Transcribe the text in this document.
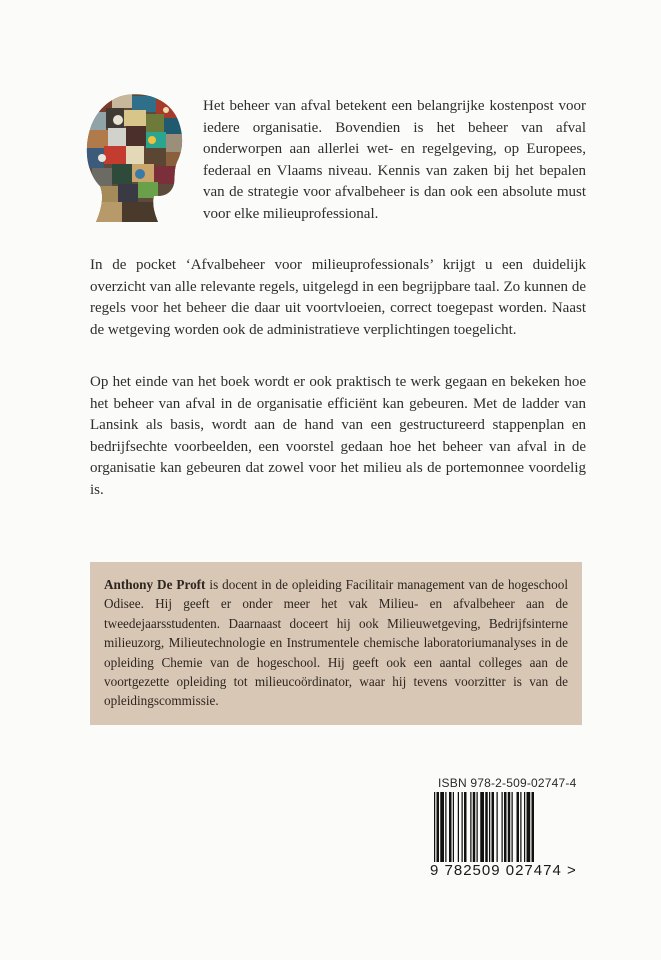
Het beheer van afval betekent een belangrijke kostenpost voor iedere organisatie. Bovendien is het beheer van afval onderworpen aan allerlei wet- en regelgeving, op Europees, federaal en Vlaams niveau. Kennis van zaken bij het bepalen van de strategie voor afvalbeheer is dan ook een absolute must voor elke milieuprofessional.

In de pocket ‘Afvalbeheer voor milieuprofessionals’ krijgt u een duidelijk overzicht van alle relevante regels, uitgelegd in een begrijpbare taal. Zo kunnen de regels voor het beheer die daar uit voortvloeien, correct toegepast worden. Naast de wetgeving worden ook de administratieve verplichtingen toegelicht.

Op het einde van het boek wordt er ook praktisch te werk gegaan en bekeken hoe het beheer van afval in de organisatie efficiënt kan gebeuren. Met de ladder van Lansink als basis, wordt aan de hand van een gestructureerd stappenplan en bedrijfsechte voorbeelden, een voorstel gedaan hoe het beheer van afval in de organisatie kan gebeuren dat zowel voor het milieu als de portemonnee voordelig is.

Anthony De Proft is docent in de opleiding Facilitair management van de hogeschool Odisee. Hij geeft er onder meer het vak Milieu- en afvalbeheer aan de tweedejaarsstudenten. Daarnaast doceert hij ook Milieuwetgeving, Bedrijfsinterne milieuzorg, Milieutechnologie en Instrumentele chemische laboratoriumanalyses in de opleiding Chemie van de hogeschool. Hij geeft ook een aantal colleges aan de voortgezette opleiding tot milieucoördinator, waar hij tevens voorzitter is van de opleidingscommissie.

ISBN 978-2-509-02747-4
9 782509 027474 >
